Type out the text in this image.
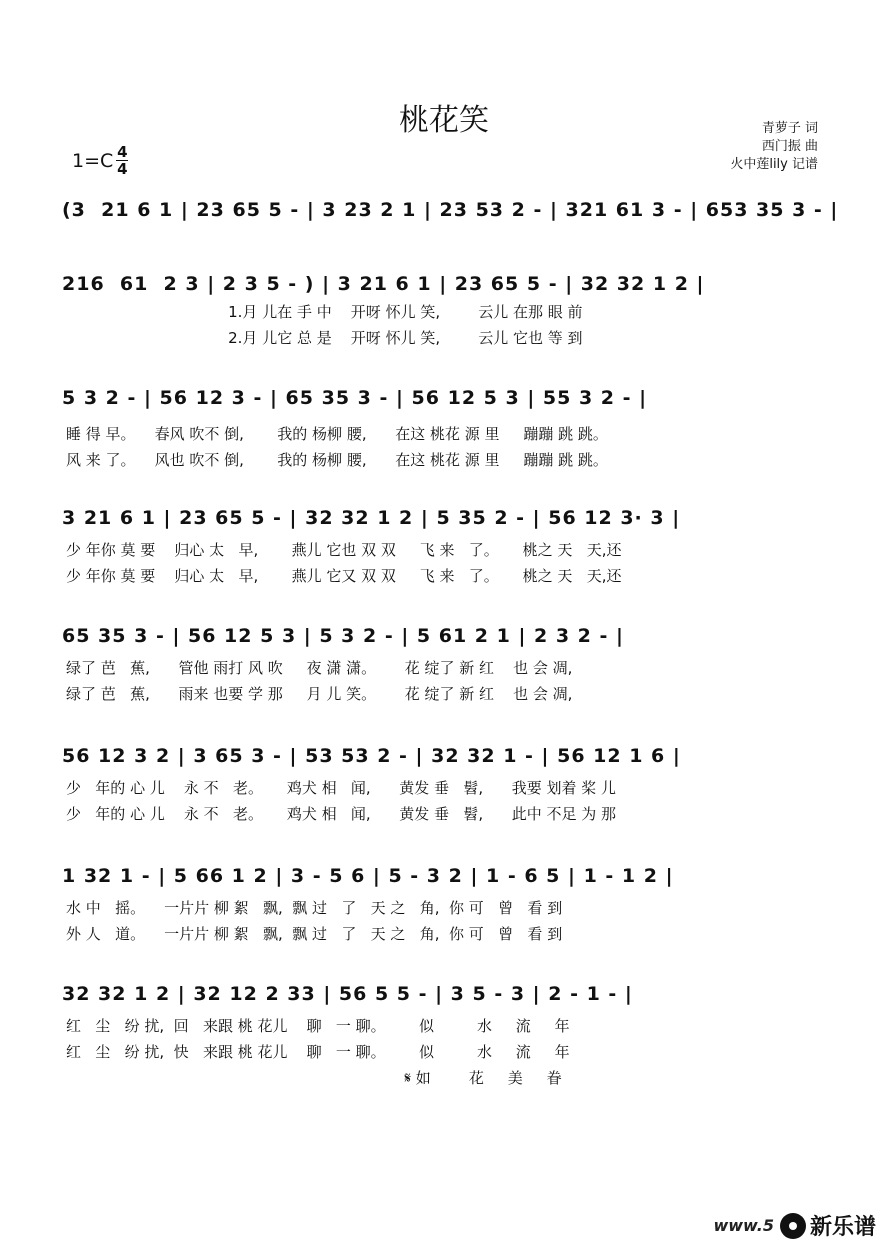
桃花笑
$1=C \frac{4}{4}$
青萝子 词
西门振 曲
火中莲lily 记谱
(3  21 6 1 | 23 65 5 - | 3 23 2 1 | 23 53 2 - | 321 61 3 - | 653 35 3 - |
216  61  2 3 | 2 3 5 - ) | 3 21 6 1 | 23 65 5 - | 32 32 1 2 |
1.月 儿在 手 中    开呀 怀儿 笑,        云儿 在那 眼 前
2.月 儿它 总 是    开呀 怀儿 笑,        云儿 它也 等 到
5 3 2 - | 56 12 3 - | 65 35 3 - | 56 12 5 3 | 55 3 2 - |
睡 得 早。    春风 吹不 倒,       我的 杨柳 腰,      在这 桃花 源 里     蹦蹦 跳 跳。
风 来 了。    风也 吹不 倒,       我的 杨柳 腰,      在这 桃花 源 里     蹦蹦 跳 跳。
3 21 6 1 | 23 65 5 - | 32 32 1 2 | 5 35 2 - | 56 12 3· 3 |
少 年你 莫 要    归心 太   早,       燕儿 它也 双 双     飞 来   了。     桃之 天   天,还
少 年你 莫 要    归心 太   早,       燕儿 它又 双 双     飞 来   了。     桃之 天   天,还
65 35 3 - | 56 12 5 3 | 5 3 2 - | 5 61 2 1 | 2 3 2 - |
绿了 芭   蕉,      管他 雨打 风 吹     夜 潇 潇。      花 绽了 新 红    也 会 凋,
绿了 芭   蕉,      雨来 也要 学 那     月 儿 笑。      花 绽了 新 红    也 会 凋,
56 12 3 2 | 3 65 3 - | 53 53 2 - | 32 32 1 - | 56 12 1 6 |
少   年的 心 儿    永 不   老。     鸡犬 相   闻,      黄发 垂   髫,      我要 划着 桨 儿
少   年的 心 儿    永 不   老。     鸡犬 相   闻,      黄发 垂   髫,      此中 不足 为 那
1 32 1 - | 5 66 1 2 | 3 - 5 6 | 5 - 3 2 | 1 - 6 5 | 1 - 1 2 |
水 中   摇。    一片片 柳 絮   飘,  飘 过   了   天 之   角,  你 可   曾   看 到
外 人   道。    一片片 柳 絮   飘,  飘 过   了   天 之   角,  你 可   曾   看 到
32 32 1 2 | 32 12 2 33 | 56 5 5 - | 3 5 - 3 | 2 - 1 - |
红   尘   纷 扰,  回   来跟 桃 花儿    聊   一 聊。       似         水     流     年
红   尘   纷 扰,  快   来跟 桃 花儿    聊   一 聊。       似         水     流     年
𝄋 如        花     美     眷
www.5 新乐谱
